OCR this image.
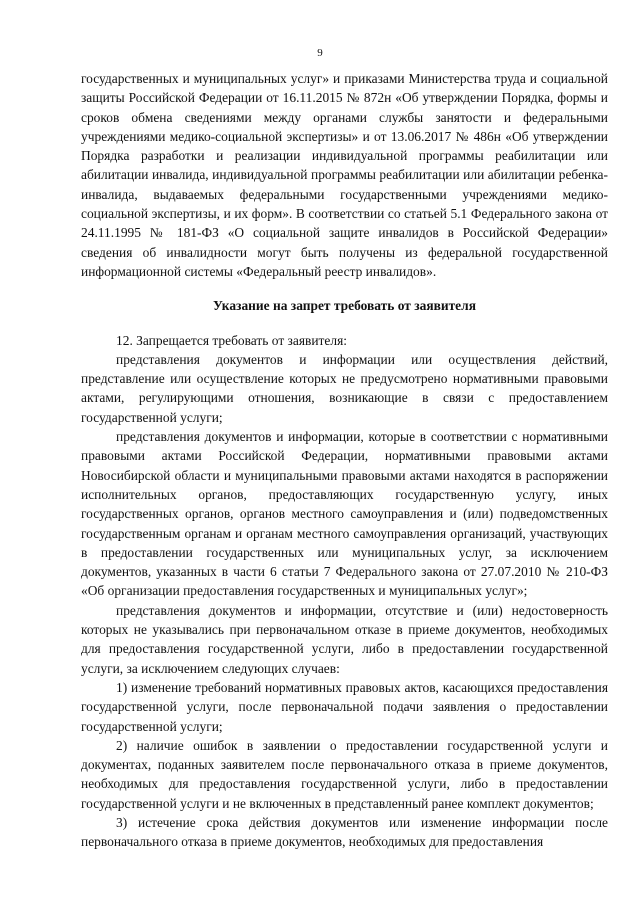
9

государственных и муниципальных услуг» и приказами Министерства труда и социальной защиты Российской Федерации от 16.11.2015 № 872н «Об утверждении Порядка, формы и сроков обмена сведениями между органами службы занятости и федеральными учреждениями медико-социальной экспертизы» и от 13.06.2017 № 486н «Об утверждении Порядка разработки и реализации индивидуальной программы реабилитации или абилитации инвалида, индивидуальной программы реабилитации или абилитации ребенка-инвалида, выдаваемых федеральными государственными учреждениями медико-социальной экспертизы, и их форм». В соответствии со статьей 5.1 Федерального закона от 24.11.1995 № 181-ФЗ «О социальной защите инвалидов в Российской Федерации» сведения об инвалидности могут быть получены из федеральной государственной информационной системы «Федеральный реестр инвалидов».

Указание на запрет требовать от заявителя

12. Запрещается требовать от заявителя:

представления документов и информации или осуществления действий, представление или осуществление которых не предусмотрено нормативными правовыми актами, регулирующими отношения, возникающие в связи с предоставлением государственной услуги;

представления документов и информации, которые в соответствии с нормативными правовыми актами Российской Федерации, нормативными правовыми актами Новосибирской области и муниципальными правовыми актами находятся в распоряжении исполнительных органов, предоставляющих государственную услугу, иных государственных органов, органов местного самоуправления и (или) подведомственных государственным органам и органам местного самоуправления организаций, участвующих в предоставлении государственных или муниципальных услуг, за исключением документов, указанных в части 6 статьи 7 Федерального закона от 27.07.2010 № 210-ФЗ «Об организации предоставления государственных и муниципальных услуг»;

представления документов и информации, отсутствие и (или) недостоверность которых не указывались при первоначальном отказе в приеме документов, необходимых для предоставления государственной услуги, либо в предоставлении государственной услуги, за исключением следующих случаев:

1) изменение требований нормативных правовых актов, касающихся предоставления государственной услуги, после первоначальной подачи заявления о предоставлении государственной услуги;

2) наличие ошибок в заявлении о предоставлении государственной услуги и документах, поданных заявителем после первоначального отказа в приеме документов, необходимых для предоставления государственной услуги, либо в предоставлении государственной услуги и не включенных в представленный ранее комплект документов;

3) истечение срока действия документов или изменение информации после первоначального отказа в приеме документов, необходимых для предоставления
